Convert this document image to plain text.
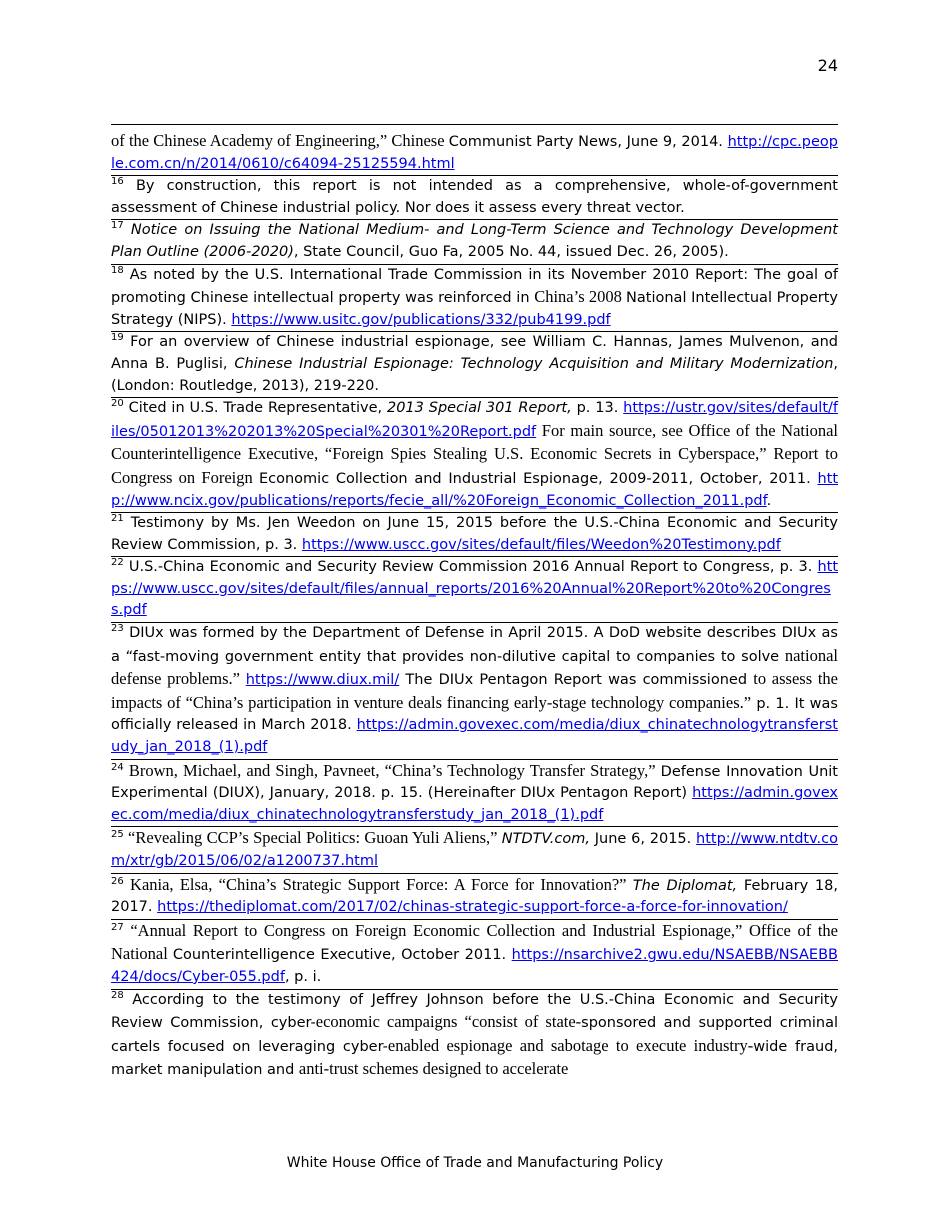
24

of the Chinese Academy of Engineering,” Chinese Communist Party News, June 9, 2014. http://cpc.people.com.cn/n/2014/0610/c64094-25125594.html

$^{16}$ By construction, this report is not intended as a comprehensive, whole-of-government assessment of Chinese industrial policy. Nor does it assess every threat vector.

$^{17}$ Notice on Issuing the National Medium- and Long-Term Science and Technology Development Plan Outline (2006-2020), State Council, Guo Fa, 2005 No. 44, issued Dec. 26, 2005).

$^{18}$ As noted by the U.S. International Trade Commission in its November 2010 Report: The goal of promoting Chinese intellectual property was reinforced in China’s 2008 National Intellectual Property Strategy (NIPS). https://www.usitc.gov/publications/332/pub4199.pdf

$^{19}$ For an overview of Chinese industrial espionage, see William C. Hannas, James Mulvenon, and Anna B. Puglisi, Chinese Industrial Espionage: Technology Acquisition and Military Modernization, (London: Routledge, 2013), 219-220.

$^{20}$ Cited in U.S. Trade Representative, 2013 Special 301 Report, p. 13. https://ustr.gov/sites/default/files/05012013%202013%20Special%20301%20Report.pdf For main source, see Office of the National Counterintelligence Executive, “Foreign Spies Stealing U.S. Economic Secrets in Cyberspace,” Report to Congress on Foreign Economic Collection and Industrial Espionage, 2009-2011, October, 2011. http://www.ncix.gov/publications/reports/fecie_all/%20Foreign_Economic_Collection_2011.pdf.

$^{21}$ Testimony by Ms. Jen Weedon on June 15, 2015 before the U.S.-China Economic and Security Review Commission, p. 3. https://www.uscc.gov/sites/default/files/Weedon%20Testimony.pdf

$^{22}$ U.S.-China Economic and Security Review Commission 2016 Annual Report to Congress, p. 3. https://www.uscc.gov/sites/default/files/annual_reports/2016%20Annual%20Report%20to%20Congress.pdf

$^{23}$ DIUx was formed by the Department of Defense in April 2015. A DoD website describes DIUx as a “fast-moving government entity that provides non-dilutive capital to companies to solve national defense problems.” https://www.diux.mil/ The DIUx Pentagon Report was commissioned to assess the impacts of “China’s participation in venture deals financing early-stage technology companies.” p. 1. It was officially released in March 2018. https://admin.govexec.com/media/diux_chinatechnologytransferstudy_jan_2018_(1).pdf

$^{24}$ Brown, Michael, and Singh, Pavneet, “China’s Technology Transfer Strategy,” Defense Innovation Unit Experimental (DIUX), January, 2018. p. 15. (Hereinafter DIUx Pentagon Report) https://admin.govexec.com/media/diux_chinatechnologytransferstudy_jan_2018_(1).pdf

$^{25}$ “Revealing CCP’s Special Politics: Guoan Yuli Aliens,” NTDTV.com, June 6, 2015. http://www.ntdtv.com/xtr/gb/2015/06/02/a1200737.html

$^{26}$ Kania, Elsa, “China’s Strategic Support Force: A Force for Innovation?” The Diplomat, February 18, 2017. https://thediplomat.com/2017/02/chinas-strategic-support-force-a-force-for-innovation/

$^{27}$ “Annual Report to Congress on Foreign Economic Collection and Industrial Espionage,” Office of the National Counterintelligence Executive, October 2011. https://nsarchive2.gwu.edu/NSAEBB/NSAEBB424/docs/Cyber-055.pdf, p. i.

$^{28}$ According to the testimony of Jeffrey Johnson before the U.S.-China Economic and Security Review Commission, cyber-economic campaigns “consist of state-sponsored and supported criminal cartels focused on leveraging cyber-enabled espionage and sabotage to execute industry-wide fraud, market manipulation and anti-trust schemes designed to accelerate

White House Office of Trade and Manufacturing Policy
